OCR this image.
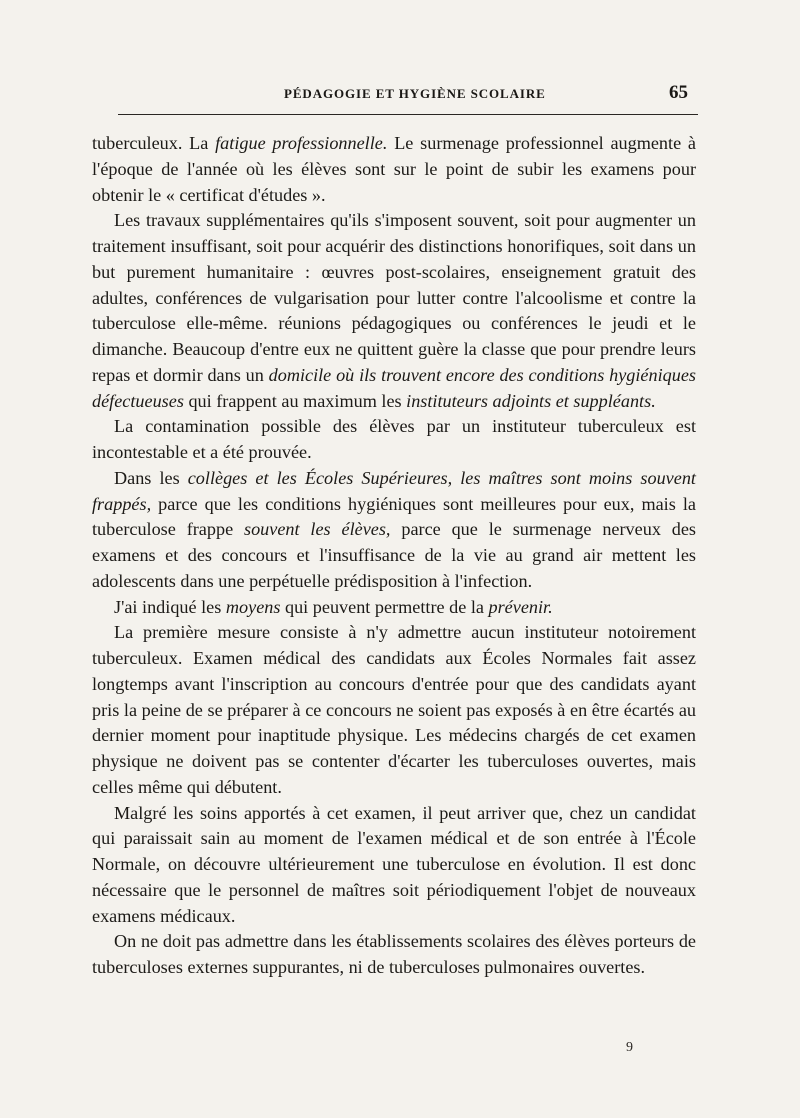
PÉDAGOGIE ET HYGIÈNE SCOLAIRE	65

tuberculeux. La fatigue professionnelle. Le surmenage professionnel augmente à l'époque de l'année où les élèves sont sur le point de subir les examens pour obtenir le « certificat d'études ».

Les travaux supplémentaires qu'ils s'imposent souvent, soit pour augmenter un traitement insuffisant, soit pour acquérir des distinctions honorifiques, soit dans un but purement humanitaire : œuvres post-scolaires, enseignement gratuit des adultes, conférences de vulgarisation pour lutter contre l'alcoolisme et contre la tuberculose elle-même. réunions pédagogiques ou conférences le jeudi et le dimanche. Beaucoup d'entre eux ne quittent guère la classe que pour prendre leurs repas et dormir dans un domicile où ils trouvent encore des conditions hygiéniques défectueuses qui frappent au maximum les instituteurs adjoints et suppléants.

La contamination possible des élèves par un instituteur tuberculeux est incontestable et a été prouvée.

Dans les collèges et les Écoles Supérieures, les maîtres sont moins souvent frappés, parce que les conditions hygiéniques sont meilleures pour eux, mais la tuberculose frappe souvent les élèves, parce que le surmenage nerveux des examens et des concours et l'insuffisance de la vie au grand air mettent les adolescents dans une perpétuelle prédisposition à l'infection.

J'ai indiqué les moyens qui peuvent permettre de la prévenir.

La première mesure consiste à n'y admettre aucun instituteur notoirement tuberculeux. Examen médical des candidats aux Écoles Normales fait assez longtemps avant l'inscription au concours d'entrée pour que des candidats ayant pris la peine de se préparer à ce concours ne soient pas exposés à en être écartés au dernier moment pour inaptitude physique. Les médecins chargés de cet examen physique ne doivent pas se contenter d'écarter les tuberculoses ouvertes, mais celles même qui débutent.

Malgré les soins apportés à cet examen, il peut arriver que, chez un candidat qui paraissait sain au moment de l'examen médical et de son entrée à l'École Normale, on découvre ultérieurement une tuberculose en évolution. Il est donc nécessaire que le personnel de maîtres soit périodiquement l'objet de nouveaux examens médicaux.

On ne doit pas admettre dans les établissements scolaires des élèves porteurs de tuberculoses externes suppurantes, ni de tuberculoses pulmonaires ouvertes.

9
